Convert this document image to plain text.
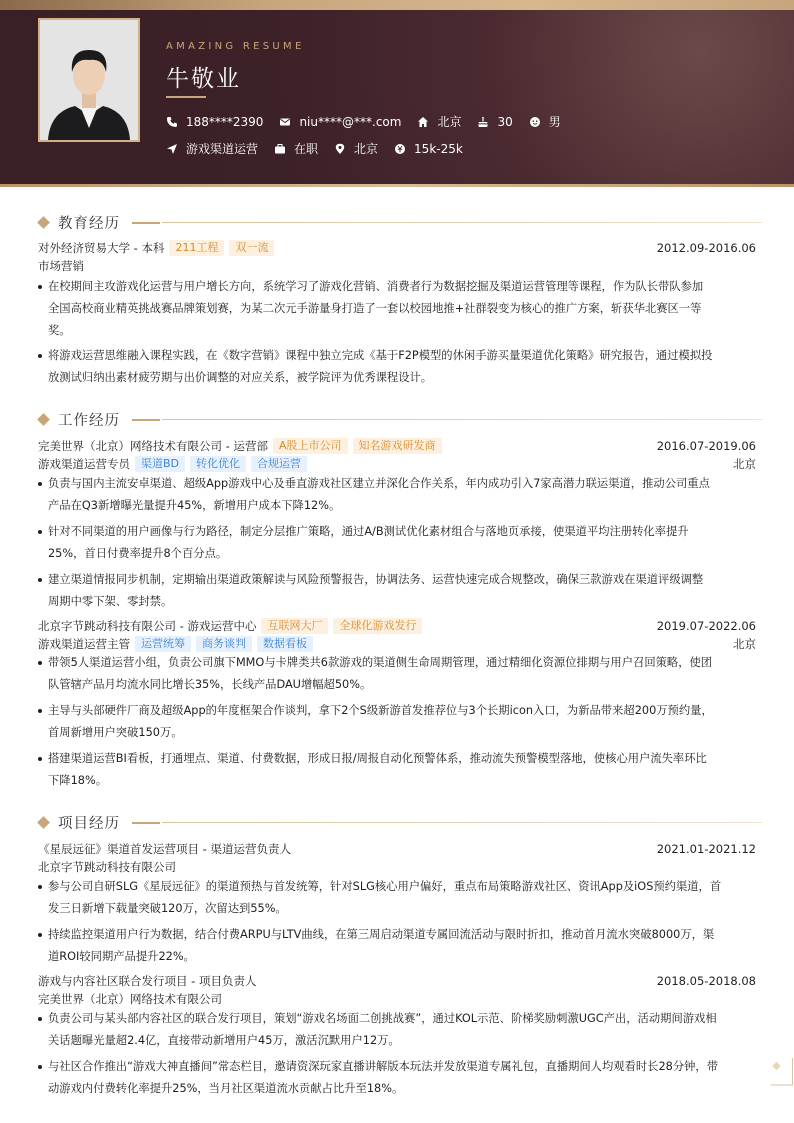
AMAZING RESUME
牛敬业
188****2390	niu****@***.com	北京	30	男
游戏渠道运营	在职	北京	15k-25k
教育经历
对外经济贸易大学 - 本科	211工程	双一流	2012.09-2016.06
市场营销
在校期间主攻游戏化运营与用户增长方向，系统学习了游戏化营销、消费者行为数据挖掘及渠道运营管理等课程，作为队长带队参加
全国高校商业精英挑战赛品牌策划赛，为某二次元手游量身打造了一套以校园地推+社群裂变为核心的推广方案，斩获华北赛区一等
奖。
将游戏运营思维融入课程实践，在《数字营销》课程中独立完成《基于F2P模型的休闲手游买量渠道优化策略》研究报告，通过模拟投
放测试归纳出素材疲劳期与出价调整的对应关系，被学院评为优秀课程设计。
工作经历
完美世界（北京）网络技术有限公司 - 运营部	A股上市公司	知名游戏研发商	2016.07-2019.06
游戏渠道运营专员	渠道BD	转化优化	合规运营	北京
负责与国内主流安卓渠道、超级App游戏中心及垂直游戏社区建立并深化合作关系，年内成功引入7家高潜力联运渠道，推动公司重点
产品在Q3新增曝光量提升45%，新增用户成本下降12%。
针对不同渠道的用户画像与行为路径，制定分层推广策略，通过A/B测试优化素材组合与落地页承接，使渠道平均注册转化率提升
25%，首日付费率提升8个百分点。
建立渠道情报同步机制，定期输出渠道政策解读与风险预警报告，协调法务、运营快速完成合规整改，确保三款游戏在渠道评级调整
周期中零下架、零封禁。
北京字节跳动科技有限公司 - 游戏运营中心	互联网大厂	全球化游戏发行	2019.07-2022.06
游戏渠道运营主管	运营统筹	商务谈判	数据看板	北京
带领5人渠道运营小组，负责公司旗下MMO与卡牌类共6款游戏的渠道侧生命周期管理，通过精细化资源位排期与用户召回策略，使团
队管辖产品月均流水同比增长35%，长线产品DAU增幅超50%。
主导与头部硬件厂商及超级App的年度框架合作谈判，拿下2个S级新游首发推荐位与3个长期icon入口，为新品带来超200万预约量，
首周新增用户突破150万。
搭建渠道运营BI看板，打通埋点、渠道、付费数据，形成日报/周报自动化预警体系，推动流失预警模型落地，使核心用户流失率环比
下降18%。
项目经历
《星辰远征》渠道首发运营项目 - 渠道运营负责人	2021.01-2021.12
北京字节跳动科技有限公司
参与公司自研SLG《星辰远征》的渠道预热与首发统筹，针对SLG核心用户偏好，重点布局策略游戏社区、资讯App及iOS预约渠道，首
发三日新增下载量突破120万，次留达到55%。
持续监控渠道用户行为数据，结合付费ARPU与LTV曲线，在第三周启动渠道专属回流活动与限时折扣，推动首月流水突破8000万，渠
道ROI较同期产品提升22%。
游戏与内容社区联合发行项目 - 项目负责人	2018.05-2018.08
完美世界（北京）网络技术有限公司
负责公司与某头部内容社区的联合发行项目，策划“游戏名场面二创挑战赛”，通过KOL示范、阶梯奖励刺激UGC产出，活动期间游戏相
关话题曝光量超2.4亿，直接带动新增用户45万，激活沉默用户12万。
与社区合作推出“游戏大神直播间”常态栏目，邀请资深玩家直播讲解版本玩法并发放渠道专属礼包，直播期间人均观看时长28分钟，带
动游戏内付费转化率提升25%，当月社区渠道流水贡献占比升至18%。
